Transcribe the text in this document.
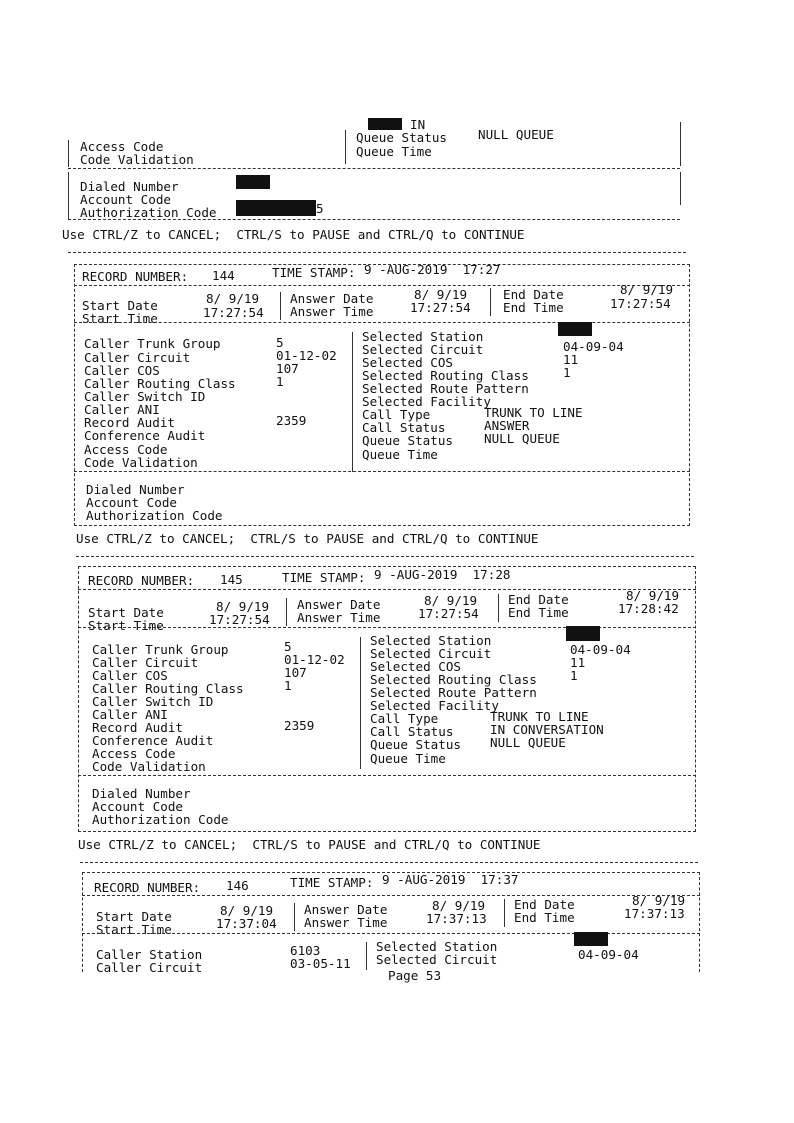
IN
Queue Status NULL QUEUE
Queue Time
Access Code
Code Validation
Dialed Number
Account Code
Authorization Code	5
Use CTRL/Z to CANCEL;  CTRL/S to PAUSE and CTRL/Q to CONTINUE
RECORD NUMBER: 144	TIME STAMP: 9 -AUG-2019  17:27
Start Date	8/ 9/19
Start Time	17:27:54
Answer Date	8/ 9/19
Answer Time	17:27:54
End Date	8/ 9/19
End Time	17:27:54
Caller Trunk Group	5
Caller Circuit	01-12-02
Caller COS	107
Caller Routing Class	1
Caller Switch ID
Caller ANI
Record Audit	2359
Conference Audit
Access Code
Code Validation
Selected Station
Selected Circuit	04-09-04
Selected COS	11
Selected Routing Class	1
Selected Route Pattern
Selected Facility
Call Type	TRUNK TO LINE
Call Status	ANSWER
Queue Status NULL QUEUE
Queue Time
Dialed Number
Account Code
Authorization Code
Use CTRL/Z to CANCEL;  CTRL/S to PAUSE and CTRL/Q to CONTINUE
RECORD NUMBER: 145	TIME STAMP: 9 -AUG-2019  17:28
Start Date	8/ 9/19
Start Time	17:27:54
Answer Date	8/ 9/19
Answer Time	17:27:54
End Date	8/ 9/19
End Time	17:28:42
Caller Trunk Group	5
Caller Circuit	01-12-02
Caller COS	107
Caller Routing Class	1
Caller Switch ID
Caller ANI
Record Audit	2359
Conference Audit
Access Code
Code Validation
Selected Station
Selected Circuit	04-09-04
Selected COS	11
Selected Routing Class	1
Selected Route Pattern
Selected Facility
Call Type	TRUNK TO LINE
Call Status	IN CONVERSATION
Queue Status NULL QUEUE
Queue Time
Dialed Number
Account Code
Authorization Code
Use CTRL/Z to CANCEL;  CTRL/S to PAUSE and CTRL/Q to CONTINUE
RECORD NUMBER: 146	TIME STAMP: 9 -AUG-2019  17:37
Start Date	8/ 9/19
Start Time	17:37:04
Answer Date	8/ 9/19
Answer Time	17:37:13
End Date	8/ 9/19
End Time	17:37:13
Caller Station	6103
Caller Circuit	03-05-11
Selected Station
Selected Circuit	04-09-04
Page 53
